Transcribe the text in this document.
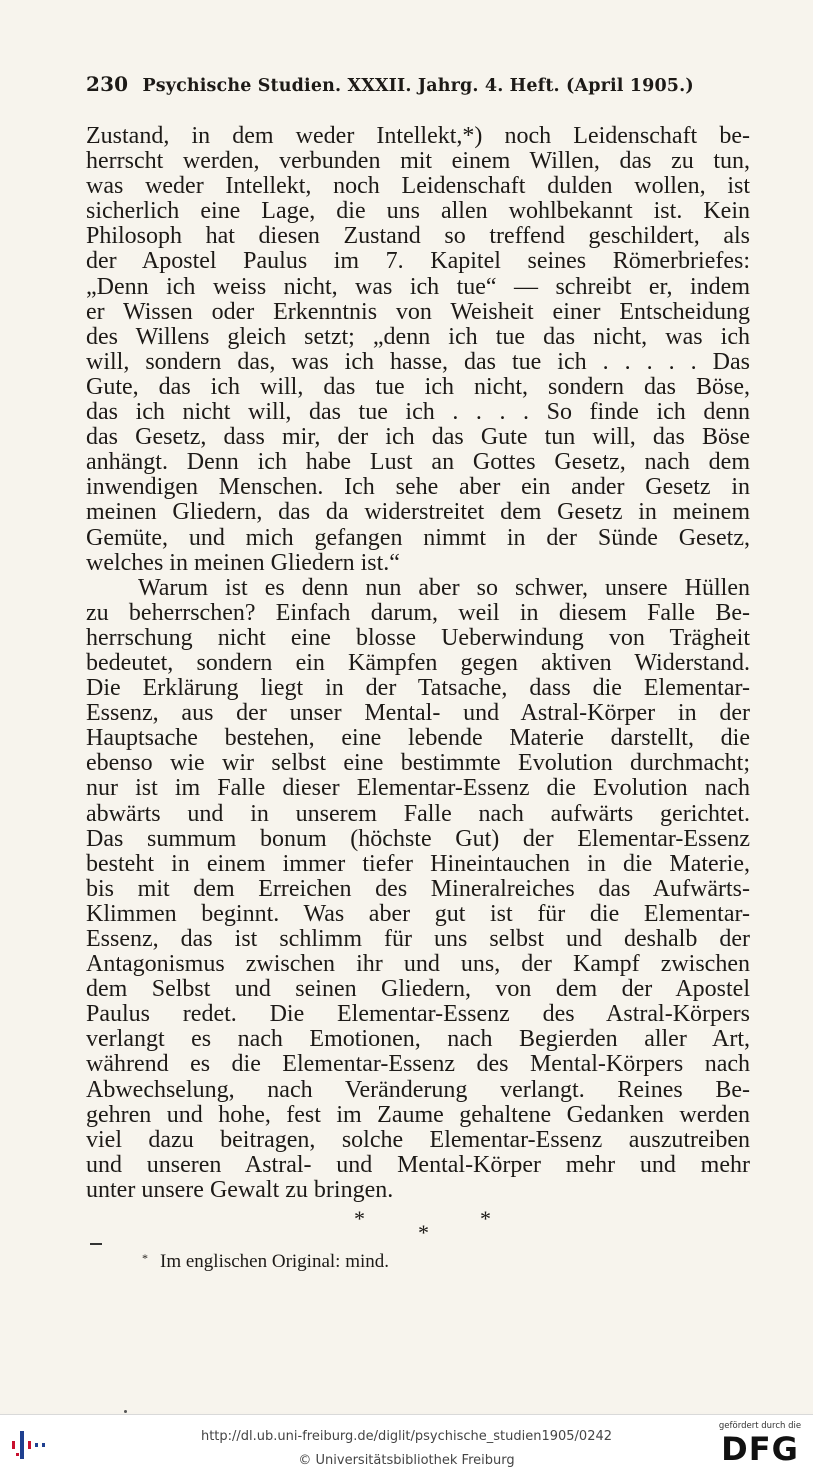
230 Psychische Studien. XXXII. Jahrg. 4. Heft. (April 1905.)
Zustand, in dem weder Intellekt,*) noch Leidenschaft be-
herrscht werden, verbunden mit einem Willen, das zu tun,
was weder Intellekt, noch Leidenschaft dulden wollen, ist
sicherlich eine Lage, die uns allen wohlbekannt ist. Kein
Philosoph hat diesen Zustand so treffend geschildert, als
der Apostel Paulus im 7. Kapitel seines Römerbriefes:
„Denn ich weiss nicht, was ich tue“ — schreibt er, indem
er Wissen oder Erkenntnis von Weisheit einer Entscheidung
des Willens gleich setzt; „denn ich tue das nicht, was ich
will, sondern das, was ich hasse, das tue ich . . . . . Das
Gute, das ich will, das tue ich nicht, sondern das Böse,
das ich nicht will, das tue ich . . . . So finde ich denn
das Gesetz, dass mir, der ich das Gute tun will, das Böse
anhängt. Denn ich habe Lust an Gottes Gesetz, nach dem
inwendigen Menschen. Ich sehe aber ein ander Gesetz in
meinen Gliedern, das da widerstreitet dem Gesetz in meinem
Gemüte, und mich gefangen nimmt in der Sünde Gesetz,
welches in meinen Gliedern ist.“
Warum ist es denn nun aber so schwer, unsere Hüllen
zu beherrschen? Einfach darum, weil in diesem Falle Be-
herrschung nicht eine blosse Ueberwindung von Trägheit
bedeutet, sondern ein Kämpfen gegen aktiven Widerstand.
Die Erklärung liegt in der Tatsache, dass die Elementar-
Essenz, aus der unser Mental- und Astral-Körper in der
Hauptsache bestehen, eine lebende Materie darstellt, die
ebenso wie wir selbst eine bestimmte Evolution durchmacht;
nur ist im Falle dieser Elementar-Essenz die Evolution nach
abwärts und in unserem Falle nach aufwärts gerichtet.
Das summum bonum (höchste Gut) der Elementar-Essenz
besteht in einem immer tiefer Hineintauchen in die Materie,
bis mit dem Erreichen des Mineralreiches das Aufwärts-
Klimmen beginnt. Was aber gut ist für die Elementar-
Essenz, das ist schlimm für uns selbst und deshalb der
Antagonismus zwischen ihr und uns, der Kampf zwischen
dem Selbst und seinen Gliedern, von dem der Apostel
Paulus redet. Die Elementar-Essenz des Astral-Körpers
verlangt es nach Emotionen, nach Begierden aller Art,
während es die Elementar-Essenz des Mental-Körpers nach
Abwechselung, nach Veränderung verlangt. Reines Be-
gehren und hohe, fest im Zaume gehaltene Gedanken werden
viel dazu beitragen, solche Elementar-Essenz auszutreiben
und unseren Astral- und Mental-Körper mehr und mehr
unter unsere Gewalt zu bringen.
*
*
*
* Im englischen Original: mind.
http://dl.ub.uni-freiburg.de/diglit/psychische_studien1905/0242
© Universitätsbibliothek Freiburg
gefördert durch die
DFG
